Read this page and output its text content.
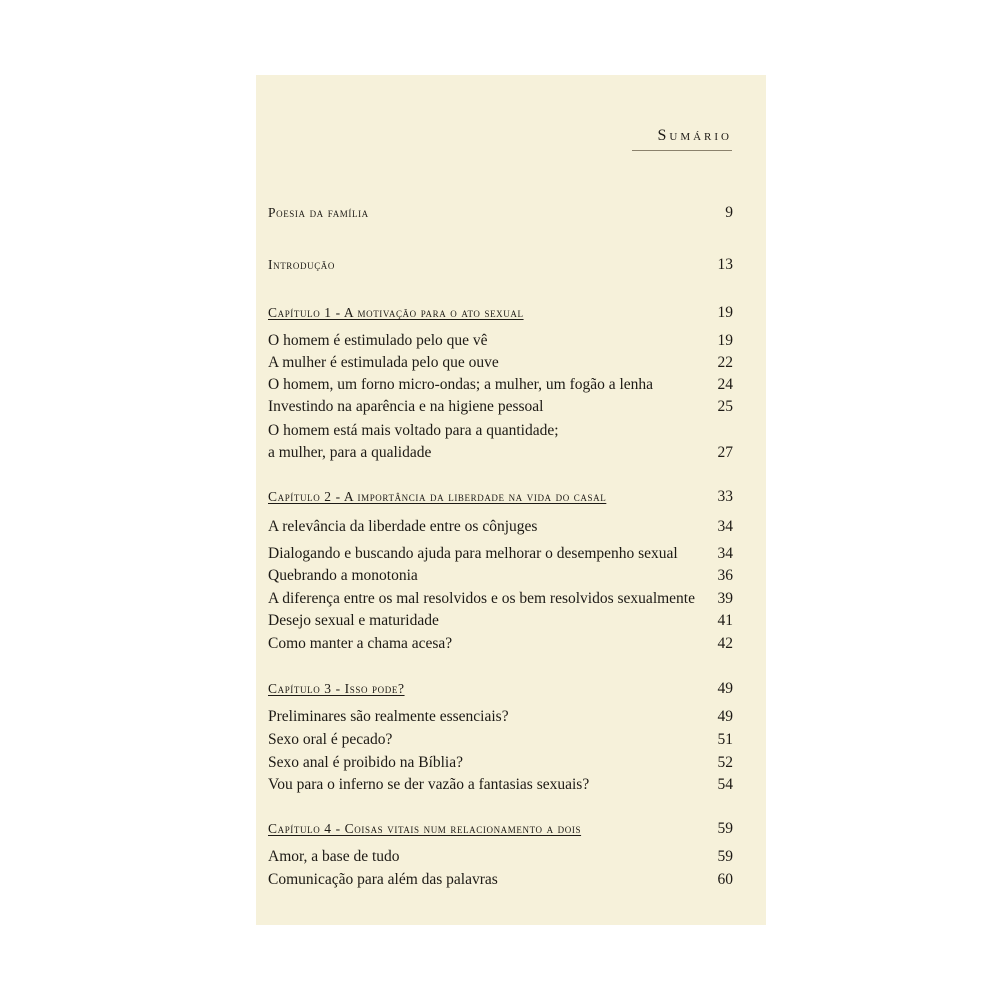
Sumário
Poesia da família	9
Introdução	13
Capítulo 1 - A motivação para o ato sexual	19
O homem é estimulado pelo que vê	19
A mulher é estimulada pelo que ouve	22
O homem, um forno micro-ondas; a mulher, um fogão a lenha	24
Investindo na aparência e na higiene pessoal	25
O homem está mais voltado para a quantidade;
a mulher, para a qualidade	27
Capítulo 2 - A importância da liberdade na vida do casal	33
A relevância da liberdade entre os cônjuges	34
Dialogando e buscando ajuda para melhorar o desempenho sexual	34
Quebrando a monotonia	36
A diferença entre os mal resolvidos e os bem resolvidos sexualmente 39
Desejo sexual e maturidade	41
Como manter a chama acesa?	42
Capítulo 3 - Isso pode?	49
Preliminares são realmente essenciais?	49
Sexo oral é pecado?	51
Sexo anal é proibido na Bíblia?	52
Vou para o inferno se der vazão a fantasias sexuais?	54
Capítulo 4 - Coisas vitais num relacionamento a dois	59
Amor, a base de tudo	59
Comunicação para além das palavras	60
